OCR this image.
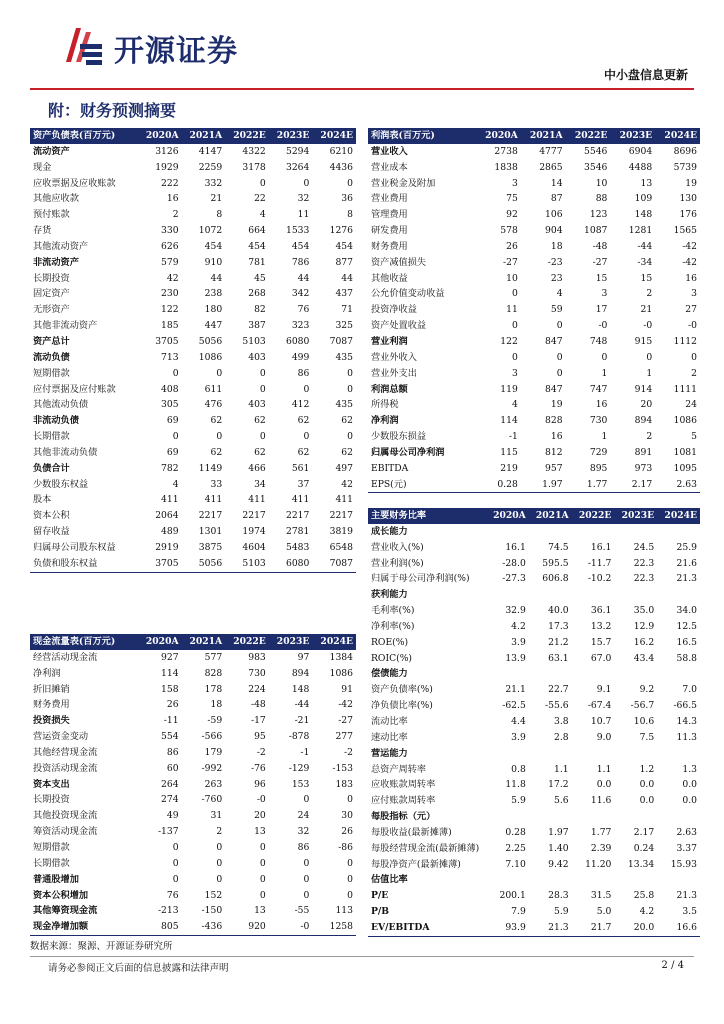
开源证券
中小盘信息更新
附：财务预测摘要
资产负债表(百万元)	2020A	2021A	2022E	2023E	2024E
流动资产	3126	4147	4322	5294	6210
现金	1929	2259	3178	3264	4436
应收票据及应收账款	222	332	0	0	0
其他应收款	16	21	22	32	36
预付账款	2	8	4	11	8
存货	330	1072	664	1533	1276
其他流动资产	626	454	454	454	454
非流动资产	579	910	781	786	877
长期投资	42	44	45	44	44
固定资产	230	238	268	342	437
无形资产	122	180	82	76	71
其他非流动资产	185	447	387	323	325
资产总计	3705	5056	5103	6080	7087
流动负债	713	1086	403	499	435
短期借款	0	0	0	86	0
应付票据及应付账款	408	611	0	0	0
其他流动负债	305	476	403	412	435
非流动负债	69	62	62	62	62
长期借款	0	0	0	0	0
其他非流动负债	69	62	62	62	62
负债合计	782	1149	466	561	497
少数股东权益	4	33	34	37	42
股本	411	411	411	411	411
资本公积	2064	2217	2217	2217	2217
留存收益	489	1301	1974	2781	3819
归属母公司股东权益	2919	3875	4604	5483	6548
负债和股东权益	3705	5056	5103	6080	7087
利润表(百万元)	2020A	2021A	2022E	2023E	2024E
营业收入	2738	4777	5546	6904	8696
营业成本	1838	2865	3546	4488	5739
营业税金及附加	3	14	10	13	19
营业费用	75	87	88	109	130
管理费用	92	106	123	148	176
研发费用	578	904	1087	1281	1565
财务费用	26	18	-48	-44	-42
资产减值损失	-27	-23	-27	-34	-42
其他收益	10	23	15	15	16
公允价值变动收益	0	4	3	2	3
投资净收益	11	59	17	21	27
资产处置收益	0	0	-0	-0	-0
营业利润	122	847	748	915	1112
营业外收入	0	0	0	0	0
营业外支出	3	0	1	1	2
利润总额	119	847	747	914	1111
所得税	4	19	16	20	24
净利润	114	828	730	894	1086
少数股东损益	-1	16	1	2	5
归属母公司净利润	115	812	729	891	1081
EBITDA	219	957	895	973	1095
EPS(元)	0.28	1.97	1.77	2.17	2.63
主要财务比率	2020A	2021A	2022E	2023E	2024E
成长能力					
营业收入(%)	16.1	74.5	16.1	24.5	25.9
营业利润(%)	-28.0	595.5	-11.7	22.3	21.6
归属于母公司净利润(%)	-27.3	606.8	-10.2	22.3	21.3
获利能力					
毛利率(%)	32.9	40.0	36.1	35.0	34.0
净利率(%)	4.2	17.3	13.2	12.9	12.5
ROE(%)	3.9	21.2	15.7	16.2	16.5
ROIC(%)	13.9	63.1	67.0	43.4	58.8
偿债能力					
资产负债率(%)	21.1	22.7	9.1	9.2	7.0
净负债比率(%)	-62.5	-55.6	-67.4	-56.7	-66.5
流动比率	4.4	3.8	10.7	10.6	14.3
速动比率	3.9	2.8	9.0	7.5	11.3
营运能力					
总资产周转率	0.8	1.1	1.1	1.2	1.3
应收账款周转率	11.8	17.2	0.0	0.0	0.0
应付账款周转率	5.9	5.6	11.6	0.0	0.0
每股指标（元）					
每股收益(最新摊薄)	0.28	1.97	1.77	2.17	2.63
每股经营现金流(最新摊薄)	2.25	1.40	2.39	0.24	3.37
每股净资产(最新摊薄)	7.10	9.42	11.20	13.34	15.93
估值比率					
P/E	200.1	28.3	31.5	25.8	21.3
P/B	7.9	5.9	5.0	4.2	3.5
EV/EBITDA	93.9	21.3	21.7	20.0	16.6
现金流量表(百万元)	2020A	2021A	2022E	2023E	2024E
经营活动现金流	927	577	983	97	1384
净利润	114	828	730	894	1086
折旧摊销	158	178	224	148	91
财务费用	26	18	-48	-44	-42
投资损失	-11	-59	-17	-21	-27
营运资金变动	554	-566	95	-878	277
其他经营现金流	86	179	-2	-1	-2
投资活动现金流	60	-992	-76	-129	-153
资本支出	264	263	96	153	183
长期投资	274	-760	-0	0	0
其他投资现金流	49	31	20	24	30
筹资活动现金流	-137	2	13	32	26
短期借款	0	0	0	86	-86
长期借款	0	0	0	0	0
普通股增加	0	0	0	0	0
资本公积增加	76	152	0	0	0
其他筹资现金流	-213	-150	13	-55	113
现金净增加额	805	-436	920	-0	1258
数据来源：聚源、开源证券研究所
请务必参阅正文后面的信息披露和法律声明	2 / 4
